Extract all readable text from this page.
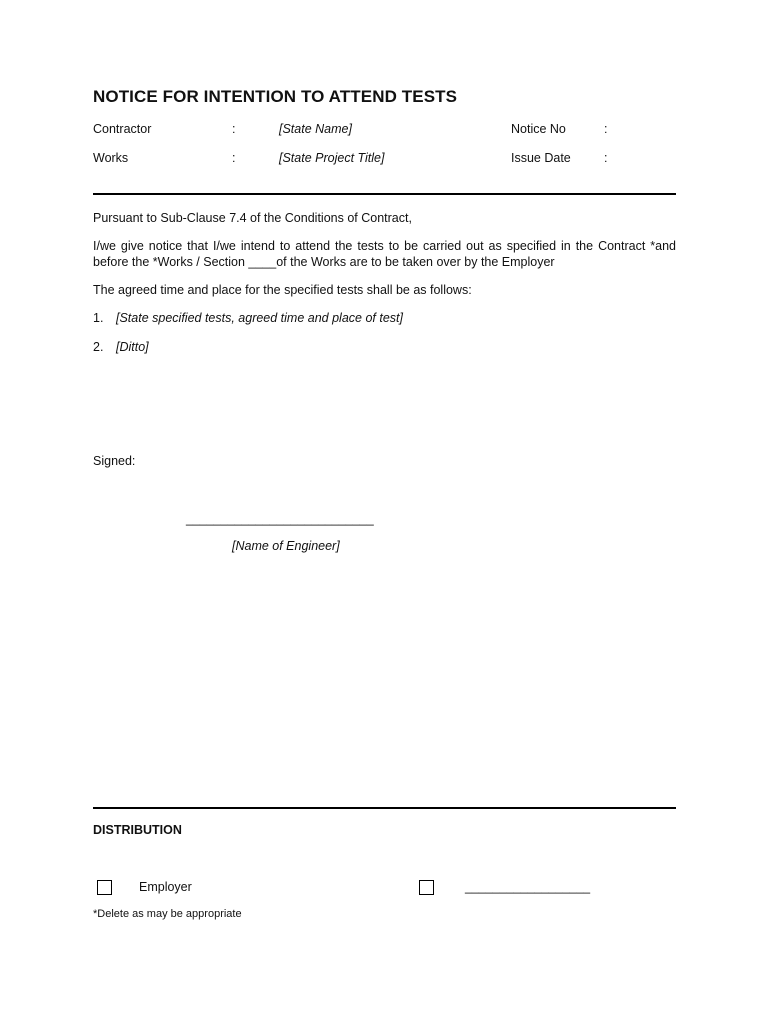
NOTICE FOR INTENTION TO ATTEND TESTS
Contractor	:	[State Name]	Notice No	:
Works	:	[State Project Title]	Issue Date	:
Pursuant to Sub-Clause 7.4 of the Conditions of Contract,
I/we give notice that I/we intend to attend the tests to be carried out as specified in the Contract *and before the *Works / Section ____of the Works are to be taken over by the Employer
The agreed time and place for the specified tests shall be as follows:
1. [State specified tests, agreed time and place of test]
2. [Ditto]
Signed:
___________________________
[Name of Engineer]
DISTRIBUTION
Employer	__________________
*Delete as may be appropriate
